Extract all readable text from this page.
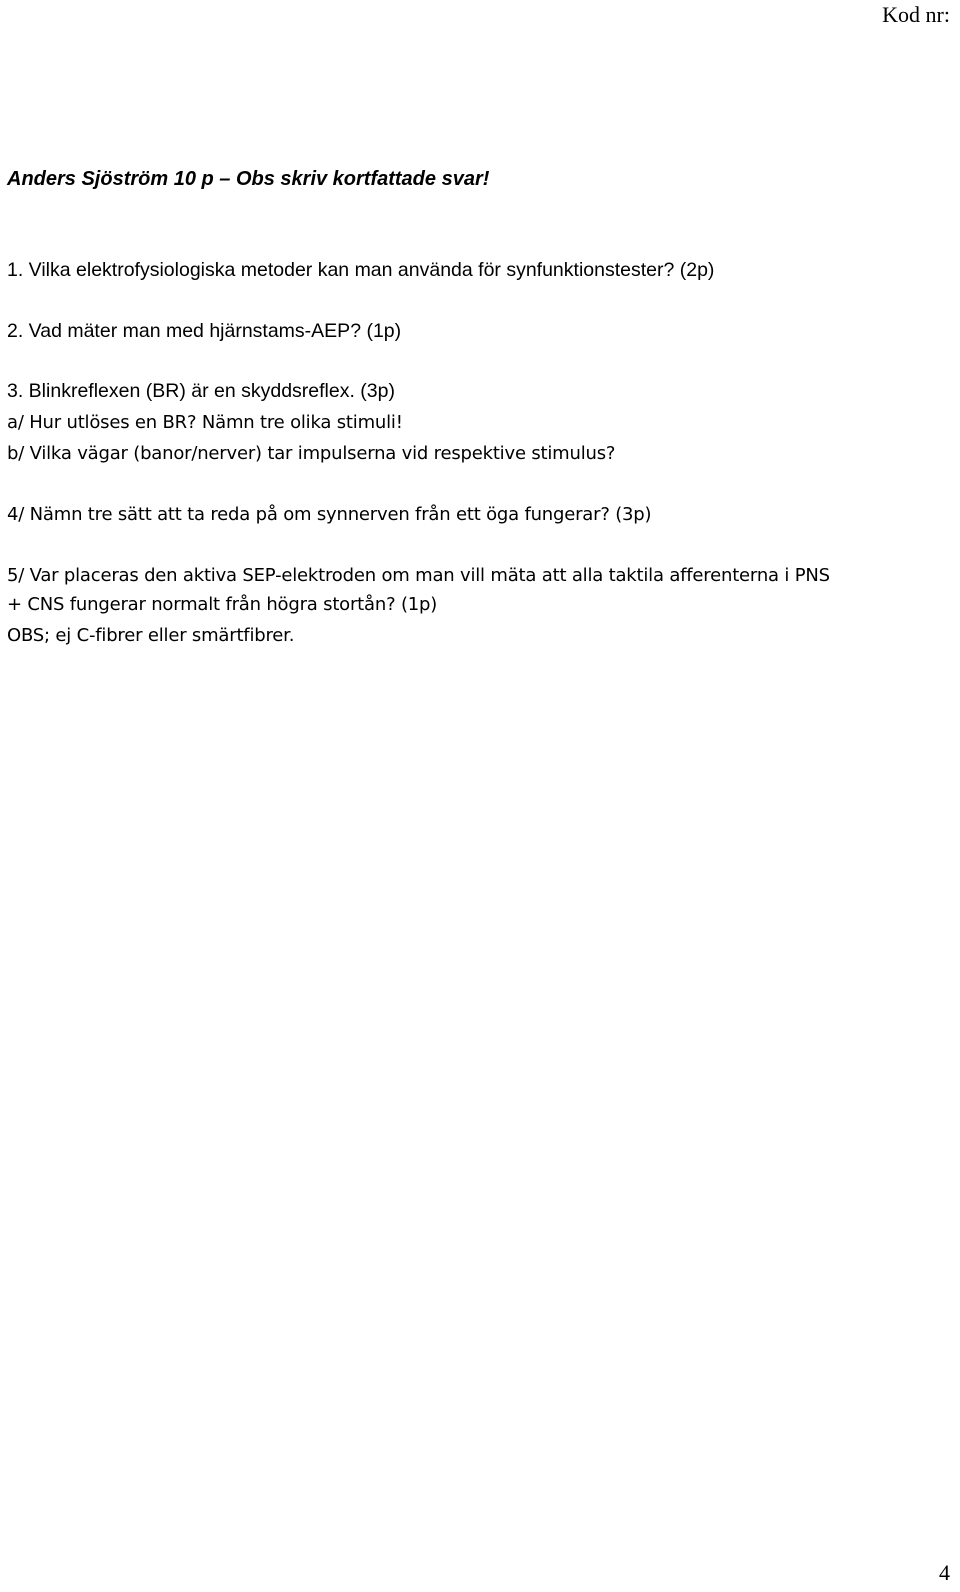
Kod nr:
Anders Sjöström 10 p – Obs skriv kortfattade svar!
1. Vilka elektrofysiologiska metoder kan man använda för synfunktionstester? (2p)
2. Vad mäter man med hjärnstams-AEP? (1p)
3. Blinkreflexen (BR) är en skyddsreflex. (3p)
a/ Hur utlöses en BR? Nämn tre olika stimuli!
b/ Vilka vägar (banor/nerver) tar impulserna vid respektive stimulus?
4/ Nämn tre sätt att ta reda på om synnerven från ett öga fungerar? (3p)
5/ Var placeras den aktiva SEP-elektroden om man vill mäta att alla taktila afferenterna i PNS
+ CNS fungerar normalt från högra stortån? (1p)
OBS; ej C-fibrer eller smärtfibrer.
4
